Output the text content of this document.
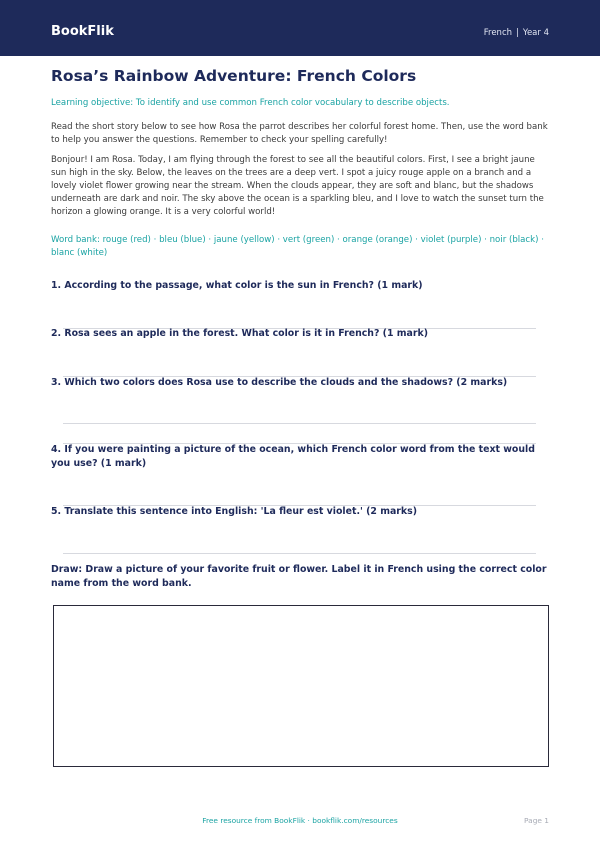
BookFlik	French | Year 4
Rosa’s Rainbow Adventure: French Colors
Learning objective: To identify and use common French color vocabulary to describe objects.
Read the short story below to see how Rosa the parrot describes her colorful forest home. Then, use the word bank to help you answer the questions. Remember to check your spelling carefully!
Bonjour! I am Rosa. Today, I am flying through the forest to see all the beautiful colors. First, I see a bright jaune sun high in the sky. Below, the leaves on the trees are a deep vert. I spot a juicy rouge apple on a branch and a lovely violet flower growing near the stream. When the clouds appear, they are soft and blanc, but the shadows underneath are dark and noir. The sky above the ocean is a sparkling bleu, and I love to watch the sunset turn the horizon a glowing orange. It is a very colorful world!
Word bank: rouge (red) · bleu (blue) · jaune (yellow) · vert (green) · orange (orange) · violet (purple) · noir (black) · blanc (white)
1. According to the passage, what color is the sun in French? (1 mark)
2. Rosa sees an apple in the forest. What color is it in French? (1 mark)
3. Which two colors does Rosa use to describe the clouds and the shadows? (2 marks)
4. If you were painting a picture of the ocean, which French color word from the text would you use? (1 mark)
5. Translate this sentence into English: 'La fleur est violet.' (2 marks)
Draw: Draw a picture of your favorite fruit or flower. Label it in French using the correct color name from the word bank.
Free resource from BookFlik · bookflik.com/resources	Page 1
